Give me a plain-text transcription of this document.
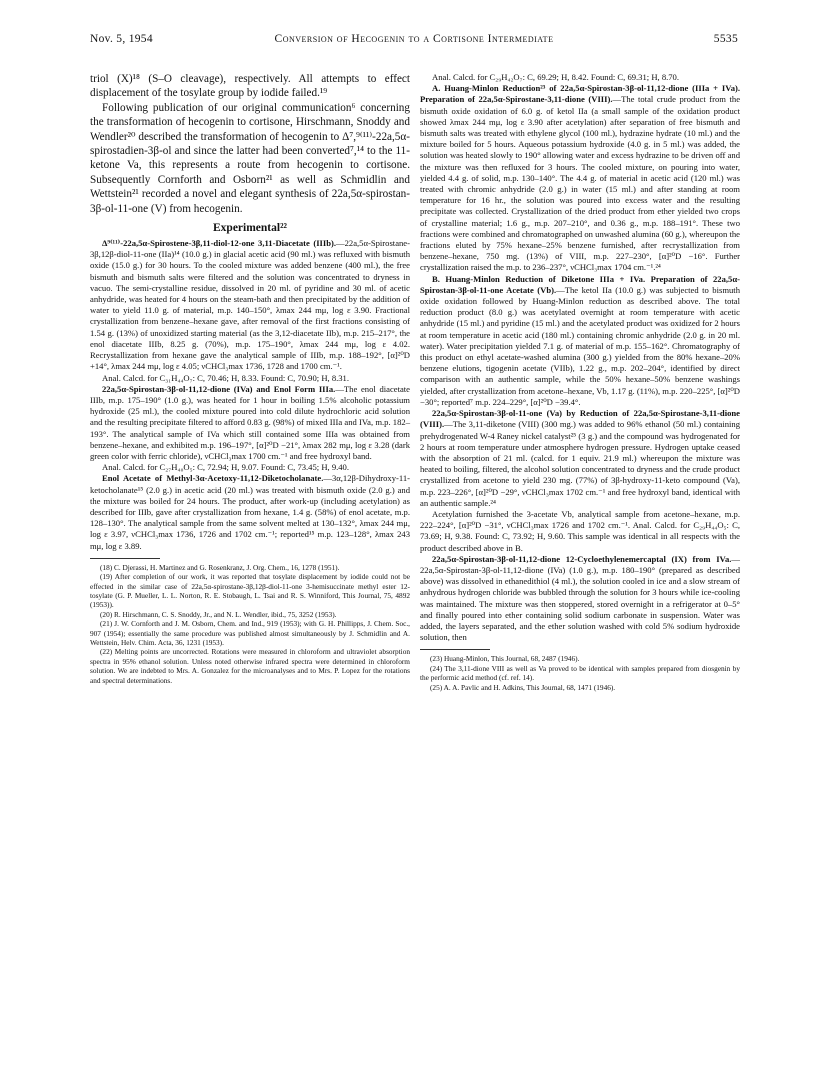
Nov. 5, 1954	Conversion of Hecogenin to a Cortisone Intermediate	5535

triol (X)¹⁸ (S–O cleavage), respectively. All attempts to effect displacement of the tosylate group by iodide failed.¹⁹

Following publication of our original communication⁶ concerning the transformation of hecogenin to cortisone, Hirschmann, Snoddy and Wendler²⁰ described the transformation of hecogenin to Δ⁷,⁹⁽¹¹⁾-22a,5α-spirostadien-3β-ol and since the latter had been converted⁷,¹⁴ to the 11-ketone Va, this represents a route from hecogenin to cortisone. Subsequently Cornforth and Osborn²¹ as well as Schmidlin and Wettstein²¹ recorded a novel and elegant synthesis of 22a,5α-spirostan-3β-ol-11-one (V) from hecogenin.

Experimental²²

Δ⁹⁽¹¹⁾-22a,5α-Spirostene-3β,11-diol-12-one 3,11-Diacetate (IIIb).—22a,5α-Spirostane-3β,12β-diol-11-one (IIa)¹⁴ (10.0 g.) in glacial acetic acid (90 ml.) was refluxed with bismuth oxide (15.0 g.) for 30 hours. To the cooled mixture was added benzene (400 ml.), the free bismuth and bismuth salts were filtered and the solution was concentrated to dryness in vacuo. The semi-crystalline residue, dissolved in 20 ml. of pyridine and 30 ml. of acetic anhydride, was heated for 4 hours on the steam-bath and then precipitated by the addition of water to yield 11.0 g. of material, m.p. 140–150°, λmax 244 mμ, log ε 3.90. Fractional crystallization from benzene–hexane gave, after removal of the first fractions consisting of 1.54 g. (13%) of unoxidized starting material (as the 3,12-diacetate IIb), m.p. 215–217°, the enol diacetate IIIb, 8.25 g. (70%), m.p. 175–190°, λmax 244 mμ, log ε 4.02. Recrystallization from hexane gave the analytical sample of IIIb, m.p. 188–192°, [α]²⁰D +14°, λmax 244 mμ, log ε 4.05; νCHCl₃max 1736, 1728 and 1700 cm.⁻¹.

Anal. Calcd. for C₃₁H₄₄O₇: C, 70.46; H, 8.33. Found: C, 70.90; H, 8.31.

22a,5α-Spirostan-3β-ol-11,12-dione (IVa) and Enol Form IIIa.—The enol diacetate IIIb, m.p. 175–190° (1.0 g.), was heated for 1 hour in boiling 1.5% alcoholic potassium hydroxide (25 ml.), the cooled mixture poured into cold dilute hydrochloric acid solution and the resulting precipitate filtered to afford 0.83 g. (98%) of mixed IIIa and IVa, m.p. 182–193°. The analytical sample of IVa which still contained some IIIa was obtained from benzene–hexane, and exhibited m.p. 196–197°, [α]²⁰D −21°, λmax 282 mμ, log ε 3.28 (dark green color with ferric chloride), νCHCl₃max 1700 cm.⁻¹ and free hydroxyl band.

Anal. Calcd. for C₂₇H₄₀O₅: C, 72.94; H, 9.07. Found: C, 73.45; H, 9.40.

Enol Acetate of Methyl-3α-Acetoxy-11,12-Diketocholanate.—3α,12β-Dihydroxy-11-ketocholanate¹⁵ (2.0 g.) in acetic acid (20 ml.) was treated with bismuth oxide (2.0 g.) and the mixture was boiled for 24 hours. The product, after work-up (including acetylation) as described for IIIb, gave after crystallization from hexane, 1.4 g. (58%) of enol acetate, m.p. 128–130°. The analytical sample from the same solvent melted at 130–132°, λmax 244 mμ, log ε 3.97, νCHCl₃max 1736, 1726 and 1702 cm.⁻¹; reported¹⁵ m.p. 123–128°, λmax 243 mμ, log ε 3.89.

(18) C. Djerassi, H. Martinez and G. Rosenkranz, J. Org. Chem., 16, 1278 (1951).

(19) After completion of our work, it was reported that tosylate displacement by iodide could not be effected in the similar case of 22a,5α-spirostane-3β,12β-diol-11-one 3-hemisuccinate methyl ester 12-tosylate (G. P. Mueller, L. L. Norton, R. E. Stobaugh, L. Tsai and R. S. Winniford, This Journal, 75, 4892 (1953)).

(20) R. Hirschmann, C. S. Snoddy, Jr., and N. L. Wendler, ibid., 75, 3252 (1953).

(21) J. W. Cornforth and J. M. Osborn, Chem. and Ind., 919 (1953); with G. H. Phillipps, J. Chem. Soc., 907 (1954); essentially the same procedure was published almost simultaneously by J. Schmidlin and A. Wettstein, Helv. Chim. Acta, 36, 1231 (1953).

(22) Melting points are uncorrected. Rotations were measured in chloroform and ultraviolet absorption spectra in 95% ethanol solution. Unless noted otherwise infrared spectra were determined in chloroform solution. We are indebted to Mrs. A. Gonzalez for the microanalyses and to Mrs. P. Lopez for the rotations and spectral determinations.

Anal. Calcd. for C₂₉H₄₂O₇: C, 69.29; H, 8.42. Found: C, 69.31; H, 8.70.

A. Huang-Minlon Reduction²³ of 22a,5α-Spirostan-3β-ol-11,12-dione (IIIa + IVa). Preparation of 22a,5α-Spirostane-3,11-dione (VIII).—The total crude product from the bismuth oxide oxidation of 6.0 g. of ketol IIa (a small sample of the oxidation product showed λmax 244 mμ, log ε 3.90 after acetylation) after separation of free bismuth and bismuth salts was treated with ethylene glycol (100 ml.), hydrazine hydrate (10 ml.) and the mixture boiled for 5 hours. Aqueous potassium hydroxide (4.0 g. in 5 ml.) was added, the solution was heated slowly to 190° allowing water and excess hydrazine to be driven off and the mixture was then refluxed for 3 hours. The cooled mixture, on pouring into water, yielded 4.4 g. of solid, m.p. 130–140°. The 4.4 g. of material in acetic acid (120 ml.) was treated with chromic anhydride (2.0 g.) in water (15 ml.) and after standing at room temperature for 16 hr., the solution was poured into excess water and the resulting precipitate was collected. Crystallization of the dried product from ether yielded two crops of crystalline material; 1.6 g., m.p. 207–210°, and 0.36 g., m.p. 188–191°. These two fractions were combined and chromatographed on unwashed alumina (60 g.), whereupon the fractions eluted by 75% hexane–25% benzene furnished, after recrystallization from benzene–hexane, 750 mg. (13%) of VIII, m.p. 227–230°, [α]²⁰D −16°. Further crystallization raised the m.p. to 236–237°, νCHCl₃max 1704 cm.⁻¹.²⁴

B. Huang-Minlon Reduction of Diketone IIIa + IVa. Preparation of 22a,5α-Spirostan-3β-ol-11-one Acetate (Vb).—The ketol IIa (10.0 g.) was subjected to bismuth oxide oxidation followed by Huang-Minlon reduction as described above. The total reduction product (8.0 g.) was acetylated overnight at room temperature with acetic anhydride (15 ml.) and pyridine (15 ml.) and the acetylated product was oxidized for 2 hours at room temperature in acetic acid (180 ml.) containing chromic anhydride (2.0 g. in 20 ml. water). Water precipitation yielded 7.1 g. of material of m.p. 155–162°. Chromatography of this product on ethyl acetate-washed alumina (300 g.) yielded from the 80% hexane–20% benzene elutions, tigogenin acetate (VIIb), 1.22 g., m.p. 202–204°, identified by direct comparison with an authentic sample, while the 50% hexane–50% benzene washings yielded, after crystallization from acetone–hexane, Vb, 1.17 g. (11%), m.p. 220–225°, [α]²⁰D −30°; reported⁷ m.p. 224–229°, [α]²⁰D −39.4°.

22a,5α-Spirostan-3β-ol-11-one (Va) by Reduction of 22a,5α-Spirostane-3,11-dione (VIII).—The 3,11-diketone (VIII) (300 mg.) was added to 96% ethanol (50 ml.) containing prehydrogenated W-4 Raney nickel catalyst²⁵ (3 g.) and the compound was hydrogenated for 2 hours at room temperature under atmosphere hydrogen pressure. Hydrogen uptake ceased with the absorption of 21 ml. (calcd. for 1 equiv. 21.9 ml.) whereupon the mixture was heated to boiling, filtered, the alcohol solution concentrated to dryness and the crude product crystallized from acetone to yield 230 mg. (77%) of 3β-hydroxy-11-keto compound (Va), m.p. 223–226°, [α]²⁰D −29°, νCHCl₃max 1702 cm.⁻¹ and free hydroxyl band, identical with an authentic sample.²⁴

Acetylation furnished the 3-acetate Vb, analytical sample from acetone–hexane, m.p. 222–224°, [α]²⁰D −31°, νCHCl₃max 1726 and 1702 cm.⁻¹. Anal. Calcd. for C₂₉H₄₄O₅: C, 73.69; H, 9.38. Found: C, 73.92; H, 9.60. This sample was identical in all respects with the product described above in B.

22a,5α-Spirostan-3β-ol-11,12-dione 12-Cycloethylenemercaptal (IX) from IVa.—22a,5α-Spirostan-3β-ol-11,12-dione (IVa) (1.0 g.), m.p. 180–190° (prepared as described above) was dissolved in ethanedithiol (4 ml.), the solution cooled in ice and a slow stream of anhydrous hydrogen chloride was bubbled through the solution for 3 hours while ice-cooling was maintained. The mixture was then stoppered, stored overnight in a refrigerator at 0–5° and finally poured into ether containing solid sodium carbonate in suspension. Water was added, the layers separated, and the ether solution washed with cold 5% sodium hydroxide solution, then

(23) Huang-Minlon, This Journal, 68, 2487 (1946).

(24) The 3,11-dione VIII as well as Va proved to be identical with samples prepared from diosgenin by the performic acid method (cf. ref. 14).

(25) A. A. Pavlic and H. Adkins, This Journal, 68, 1471 (1946).
